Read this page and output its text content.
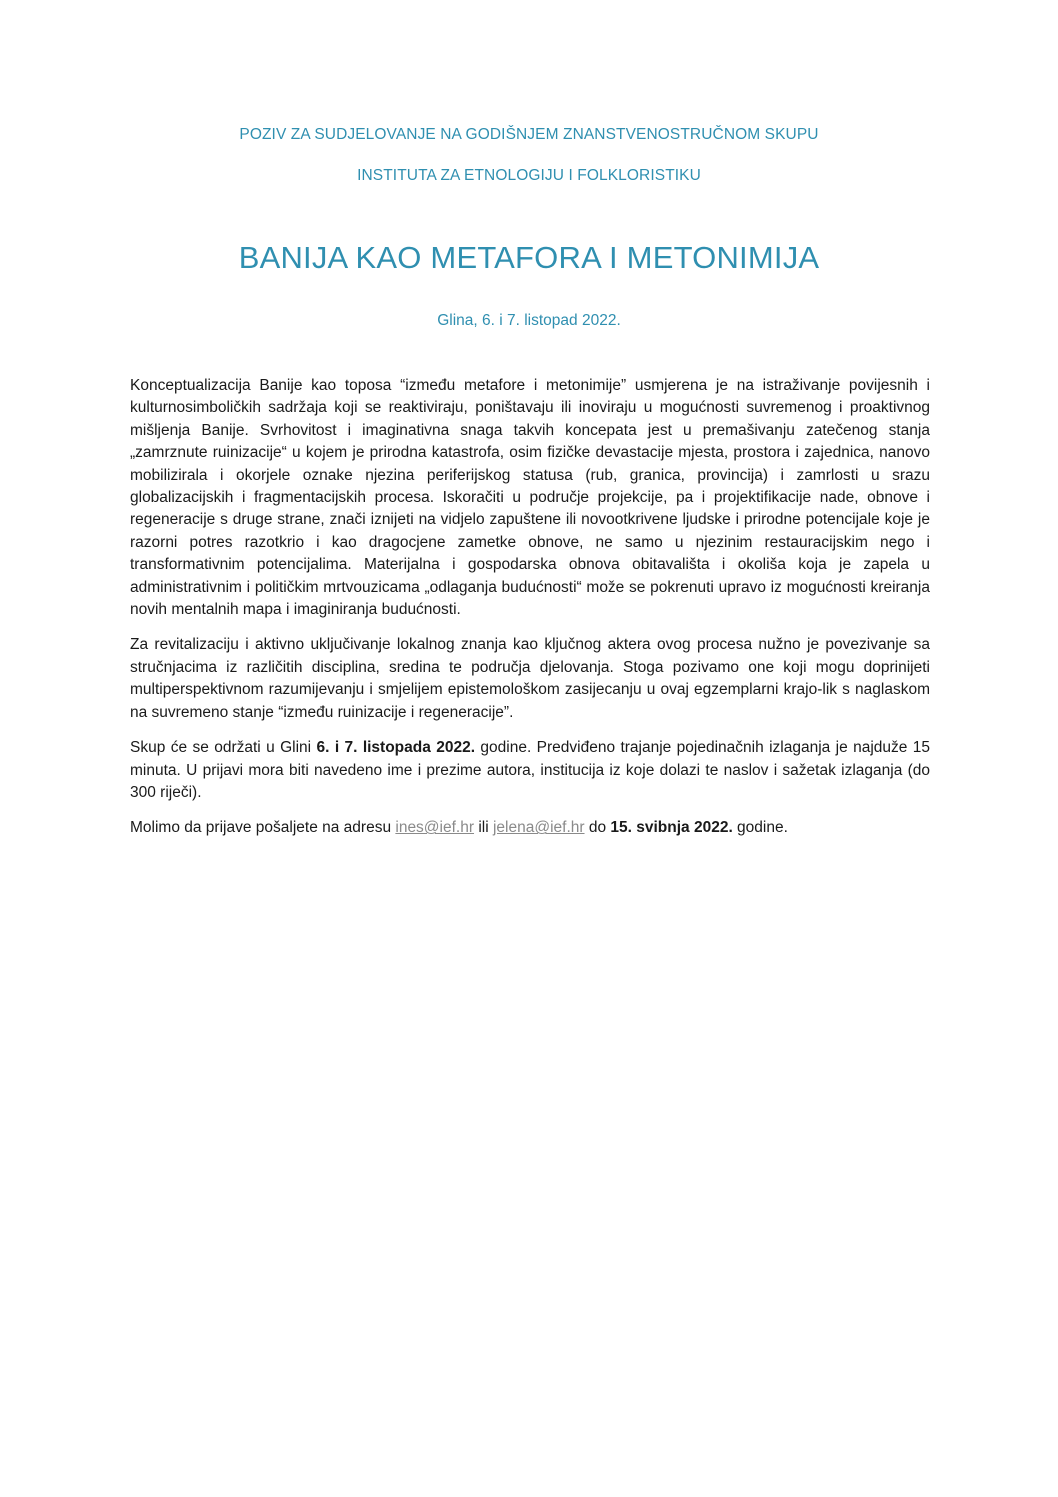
POZIV ZA SUDJELOVANJE NA GODIŠNJEM ZNANSTVENOSTRUČNOM SKUPU
INSTITUTA ZA ETNOLOGIJU I FOLKLORISTIKU
BANIJA KAO METAFORA I METONIMIJA
Glina, 6. i 7. listopad 2022.

Konceptualizacija Banije kao toposa “između metafore i metonimije” usmjerena je na istraživanje povijesnih i kulturnosimboličkih sadržaja koji se reaktiviraju, poništavaju ili inoviraju u mogućnosti suvremenog i proaktivnog mišljenja Banije. Svrhovitost i imaginativna snaga takvih koncepata jest u premašivanju zatečenog stanja „zamrznute ruinizacije“ u kojem je prirodna katastrofa, osim fizičke devastacije mjesta, prostora i zajednica, nanovo mobilizirala i okorjele oznake njezina periferijskog statusa (rub, granica, provincija) i zamrlosti u srazu globalizacijskih i fragmentacijskih procesa. Iskoračiti u područje projekcije, pa i projektifikacije nade, obnove i regeneracije s druge strane, znači iznijeti na vidjelo zapuštene ili novootkrivene ljudske i prirodne potencijale koje je razorni potres razotkrio i kao dragocjene zametke obnove, ne samo u njezinim restauracijskim nego i transformativnim potencijalima. Materijalna i gospodarska obnova obitavališta i okoliša koja je zapela u administrativnim i političkim mrtvouzicama „odlaganja budućnosti“ može se pokrenuti upravo iz mogućnosti kreiranja novih mentalnih mapa i imaginiranja budućnosti.

Za revitalizaciju i aktivno uključivanje lokalnog znanja kao ključnog aktera ovog procesa nužno je povezivanje sa stručnjacima iz različitih disciplina, sredina te područja djelovanja. Stoga pozivamo one koji mogu doprinijeti multiperspektivnom razumijevanju i smjelijem epistemološkom zasijecanju u ovaj egzemplarni krajo-lik s naglaskom na suvremeno stanje “između ruinizacije i regeneracije”.

Skup će se održati u Glini 6. i 7. listopada 2022. godine. Predviđeno trajanje pojedinačnih izlaganja je najduže 15 minuta. U prijavi mora biti navedeno ime i prezime autora, institucija iz koje dolazi te naslov i sažetak izlaganja (do 300 riječi).

Molimo da prijave pošaljete na adresu ines@ief.hr ili jelena@ief.hr do 15. svibnja 2022. godine.
